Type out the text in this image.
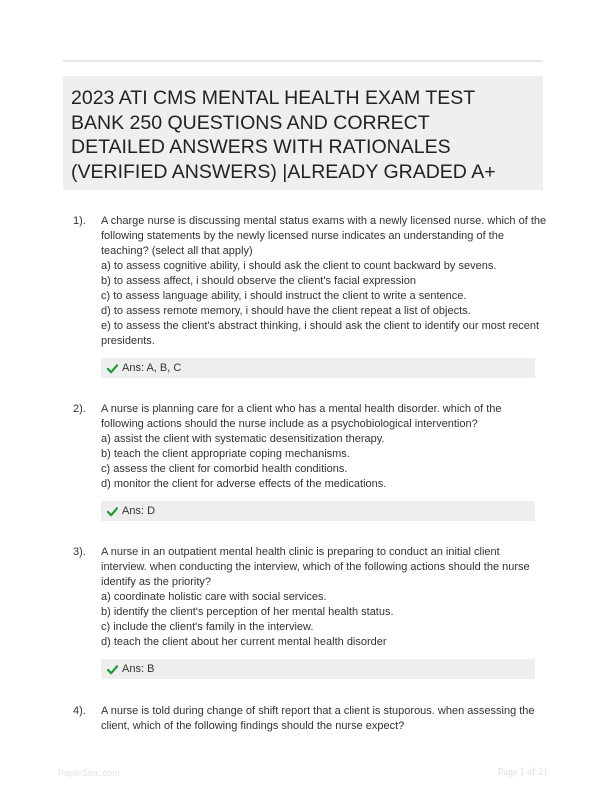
2023 ATI CMS MENTAL HEALTH EXAM TEST
BANK 250 QUESTIONS AND CORRECT
DETAILED ANSWERS WITH RATIONALES
(VERIFIED ANSWERS) |ALREADY GRADED A+
1). A charge nurse is discussing mental status exams with a newly licensed nurse. which of the
following statements by the newly licensed nurse indicates an understanding of the
teaching? (select all that apply)
a) to assess cognitive ability, i should ask the client to count backward by sevens.
b) to assess affect, i should observe the client's facial expression
c) to assess language ability, i should instruct the client to write a sentence.
d) to assess remote memory, i should have the client repeat a list of objects.
e) to assess the client's abstract thinking, i should ask the client to identify our most recent
presidents.
Ans: A, B, C
2). A nurse is planning care for a client who has a mental health disorder. which of the
following actions should the nurse include as a psychobiological intervention?
a) assist the client with systematic desensitization therapy.
b) teach the client appropriate coping mechanisms.
c) assess the client for comorbid health conditions.
d) monitor the client for adverse effects of the medications.
Ans: D
3). A nurse in an outpatient mental health clinic is preparing to conduct an initial client
interview. when conducting the interview, which of the following actions should the nurse
identify as the priority?
a) coordinate holistic care with social services.
b) identify the client's perception of her mental health status.
c) include the client's family in the interview.
d) teach the client about her current mental health disorder
Ans: B
4). A nurse is told during change of shift report that a client is stuporous. when assessing the
client, which of the following findings should the nurse expect?
PaperStoc.com	Page 1 of 21
